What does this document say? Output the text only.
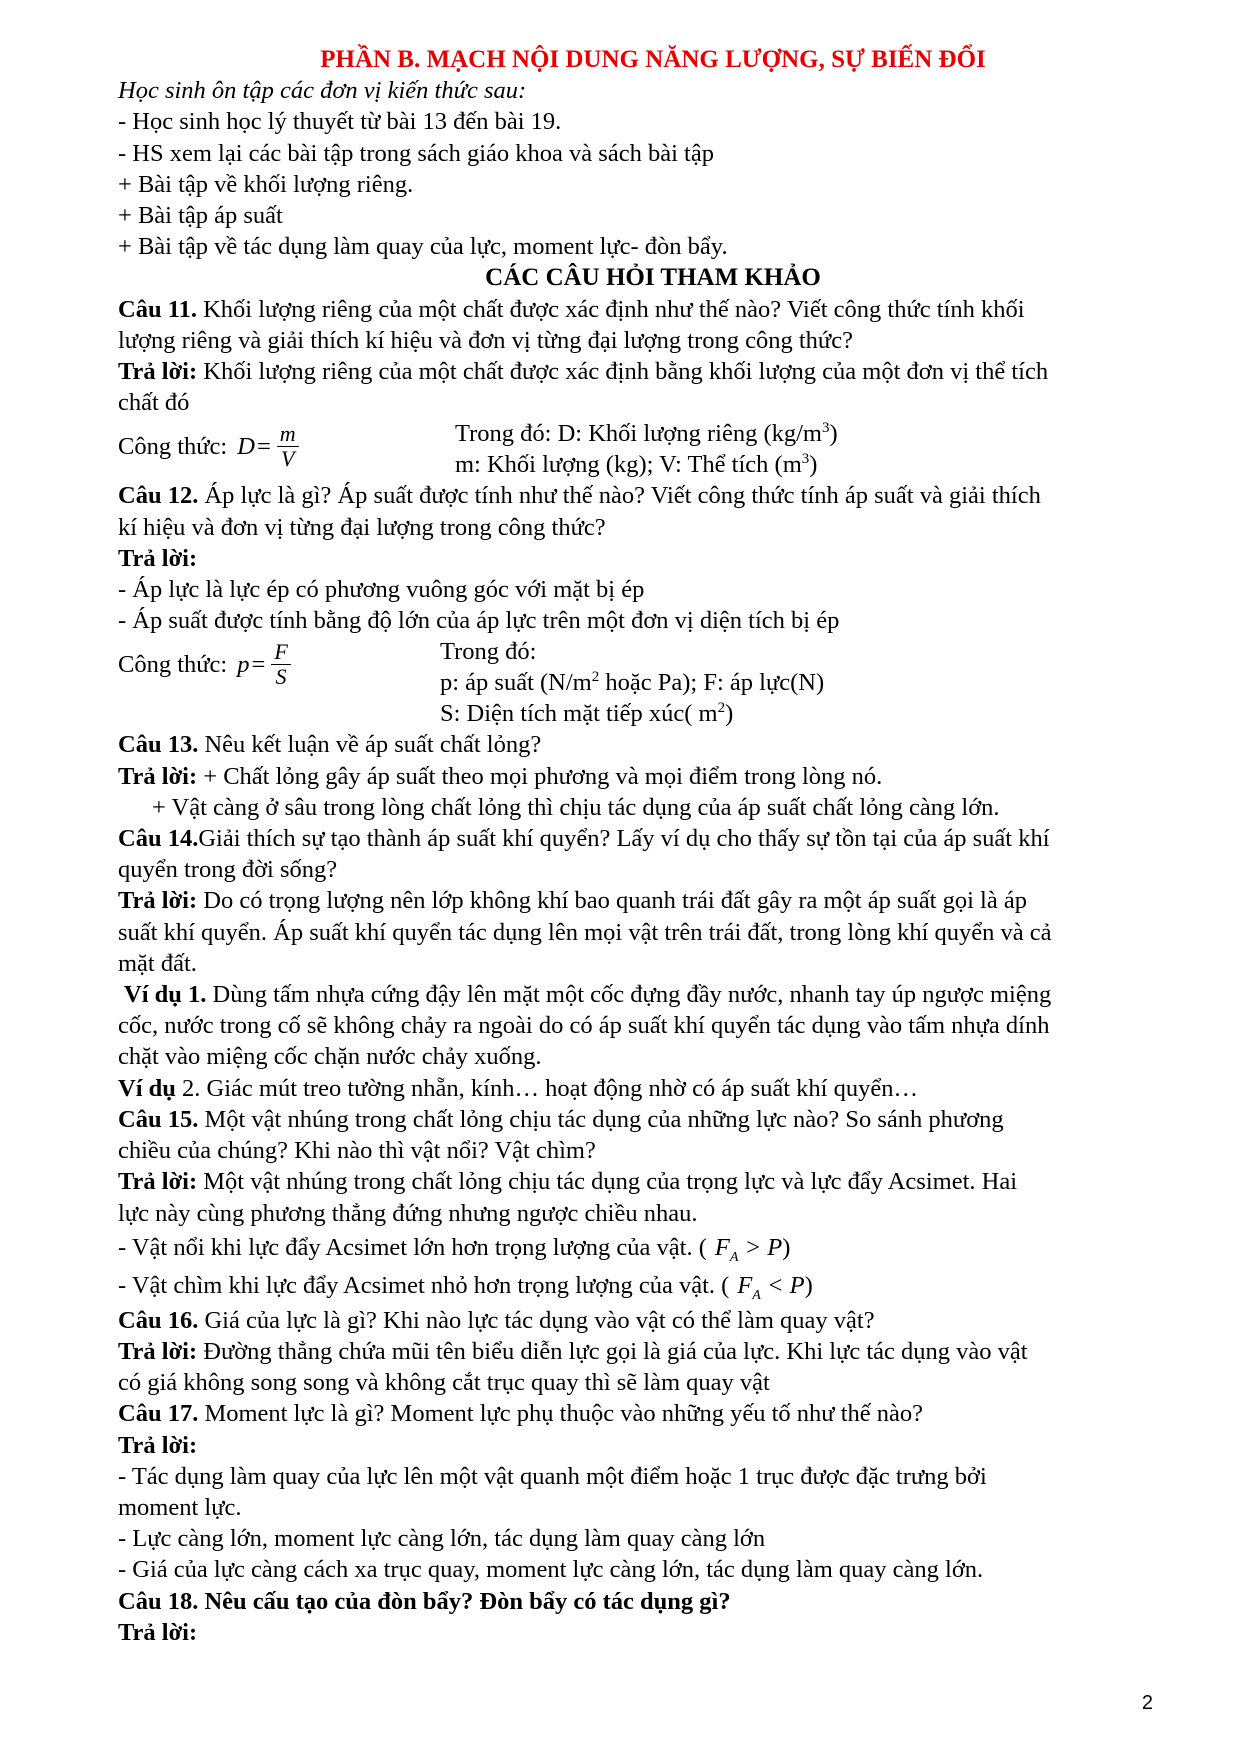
PHẦN B. MẠCH NỘI DUNG NĂNG LƯỢNG, SỰ BIẾN ĐỔI
Học sinh ôn tập các đơn vị kiến thức sau:
- Học sinh học lý thuyết từ bài 13 đến bài 19.
- HS xem lại các bài tập trong sách giáo khoa và sách bài tập
+ Bài tập về khối lượng riêng.
+ Bài tập áp suất
+ Bài tập về tác dụng làm quay của lực, moment lực- đòn bẩy.
CÁC CÂU HỎI THAM KHẢO
Câu 11. Khối lượng riêng của một chất được xác định như thế nào? Viết công thức tính khối
lượng riêng và giải thích kí hiệu và đơn vị từng đại lượng trong công thức?
Trả lời: Khối lượng riêng của một chất được xác định bằng khối lượng của một đơn vị thể tích
chất đó
Công thức: $D = \frac{m}{V}$	Trong đó: D: Khối lượng riêng $(kg/m^3)$
m: Khối lượng (kg); V: Thể tích $(m^3)$
Câu 12. Áp lực là gì? Áp suất được tính như thế nào? Viết công thức tính áp suất và giải thích
kí hiệu và đơn vị từng đại lượng trong công thức?
Trả lời:
- Áp lực là lực ép có phương vuông góc với mặt bị ép
- Áp suất được tính bằng độ lớn của áp lực trên một đơn vị diện tích bị ép
Công thức: $p = \frac{F}{S}$	Trong đó:
p: áp suất ($N/m^2$ hoặc Pa); F: áp lực(N)
S: Diện tích mặt tiếp xúc( $m^2$)
Câu 13. Nêu kết luận về áp suất chất lỏng?
Trả lời: + Chất lỏng gây áp suất theo mọi phương và mọi điểm trong lòng nó.
+ Vật càng ở sâu trong lòng chất lỏng thì chịu tác dụng của áp suất chất lỏng càng lớn.
Câu 14.Giải thích sự tạo thành áp suất khí quyển? Lấy ví dụ cho thấy sự tồn tại của áp suất khí
quyển trong đời sống?
Trả lời: Do có trọng lượng nên lớp không khí bao quanh trái đất gây ra một áp suất gọi là áp
suất khí quyển. Áp suất khí quyển tác dụng lên mọi vật trên trái đất, trong lòng khí quyển và cả
mặt đất.
Ví dụ 1. Dùng tấm nhựa cứng đậy lên mặt một cốc đựng đầy nước, nhanh tay úp ngược miệng
cốc, nước trong cố sẽ không chảy ra ngoài do có áp suất khí quyển tác dụng vào tấm nhựa dính
chặt vào miệng cốc chặn nước chảy xuống.
Ví dụ 2. Giác mút treo tường nhẵn, kính… hoạt động nhờ có áp suất khí quyển…
Câu 15. Một vật nhúng trong chất lỏng chịu tác dụng của những lực nào? So sánh phương
chiều của chúng? Khi nào thì vật nổi? Vật chìm?
Trả lời: Một vật nhúng trong chất lỏng chịu tác dụng của trọng lực và lực đẩy Acsimet. Hai
lực này cùng phương thẳng đứng nhưng ngược chiều nhau.
- Vật nổi khi lực đẩy Acsimet lớn hơn trọng lượng của vật. ( $F_A > P$)
- Vật chìm khi lực đẩy Acsimet nhỏ hơn trọng lượng của vật. ( $F_A < P$)
Câu 16. Giá của lực là gì? Khi nào lực tác dụng vào vật có thể làm quay vật?
Trả lời: Đường thẳng chứa mũi tên biểu diễn lực gọi là giá của lực. Khi lực tác dụng vào vật
có giá không song song và không cắt trục quay thì sẽ làm quay vật
Câu 17. Moment lực là gì? Moment lực phụ thuộc vào những yếu tố như thế nào?
Trả lời:
- Tác dụng làm quay của lực lên một vật quanh một điểm hoặc 1 trục được đặc trưng bởi
moment lực.
- Lực càng lớn, moment lực càng lớn, tác dụng làm quay càng lớn
- Giá của lực càng cách xa trục quay, moment lực càng lớn, tác dụng làm quay càng lớn.
Câu 18. Nêu cấu tạo của đòn bẩy? Đòn bẩy có tác dụng gì?
Trả lời:
2
